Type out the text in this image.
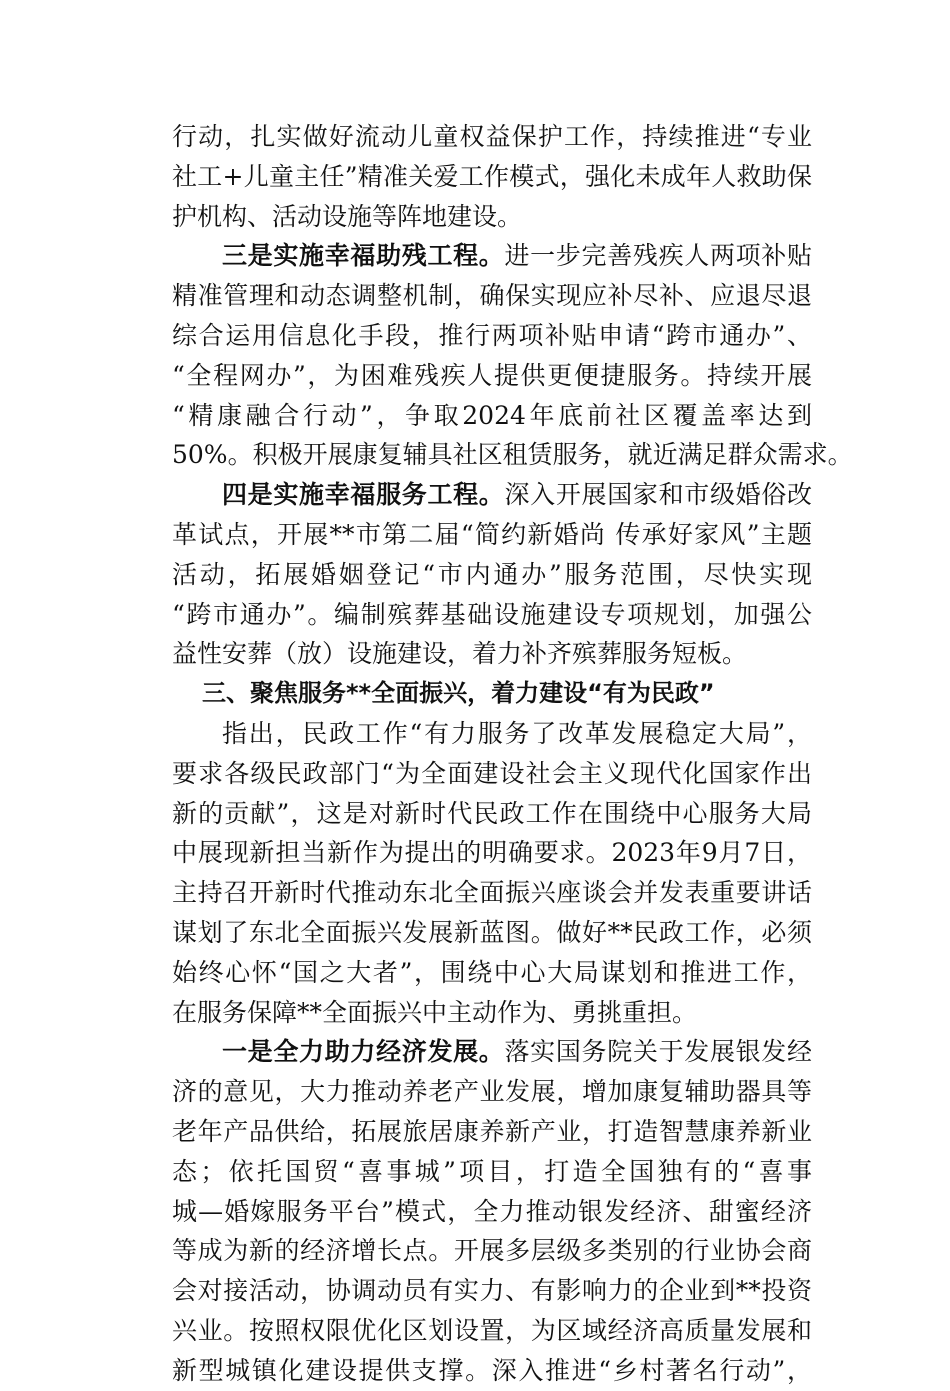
行动，扎实做好流动儿童权益保护工作，持续推进“专业
社工+儿童主任”精准关爱工作模式，强化未成年人救助保
护机构、活动设施等阵地建设。
三是实施幸福助残工程。进一步完善残疾人两项补贴
精准管理和动态调整机制，确保实现应补尽补、应退尽退
综合运用信息化手段，推行两项补贴申请“跨市通办”、
“全程网办”，为困难残疾人提供更便捷服务。持续开展
“精康融合行动”，争取2024年底前社区覆盖率达到
50%。积极开展康复辅具社区租赁服务，就近满足群众需求。
四是实施幸福服务工程。深入开展国家和市级婚俗改
革试点，开展**市第二届“简约新婚尚 传承好家风”主题
活动，拓展婚姻登记“市内通办”服务范围，尽快实现
“跨市通办”。编制殡葬基础设施建设专项规划，加强公
益性安葬（放）设施建设，着力补齐殡葬服务短板。
三、聚焦服务**全面振兴，着力建设“有为民政”
指出，民政工作“有力服务了改革发展稳定大局”，
要求各级民政部门“为全面建设社会主义现代化国家作出
新的贡献”，这是对新时代民政工作在围绕中心服务大局
中展现新担当新作为提出的明确要求。2023年9月7日，
主持召开新时代推动东北全面振兴座谈会并发表重要讲话
谋划了东北全面振兴发展新蓝图。做好**民政工作，必须
始终心怀“国之大者”，围绕中心大局谋划和推进工作，
在服务保障**全面振兴中主动作为、勇挑重担。
一是全力助力经济发展。落实国务院关于发展银发经
济的意见，大力推动养老产业发展，增加康复辅助器具等
老年产品供给，拓展旅居康养新产业，打造智慧康养新业
态；依托国贸“喜事城”项目，打造全国独有的“喜事
城—婚嫁服务平台”模式，全力推动银发经济、甜蜜经济
等成为新的经济增长点。开展多层级多类别的行业协会商
会对接活动，协调动员有实力、有影响力的企业到**投资
兴业。按照权限优化区划设置，为区域经济高质量发展和
新型城镇化建设提供支撑。深入推进“乡村著名行动”，
